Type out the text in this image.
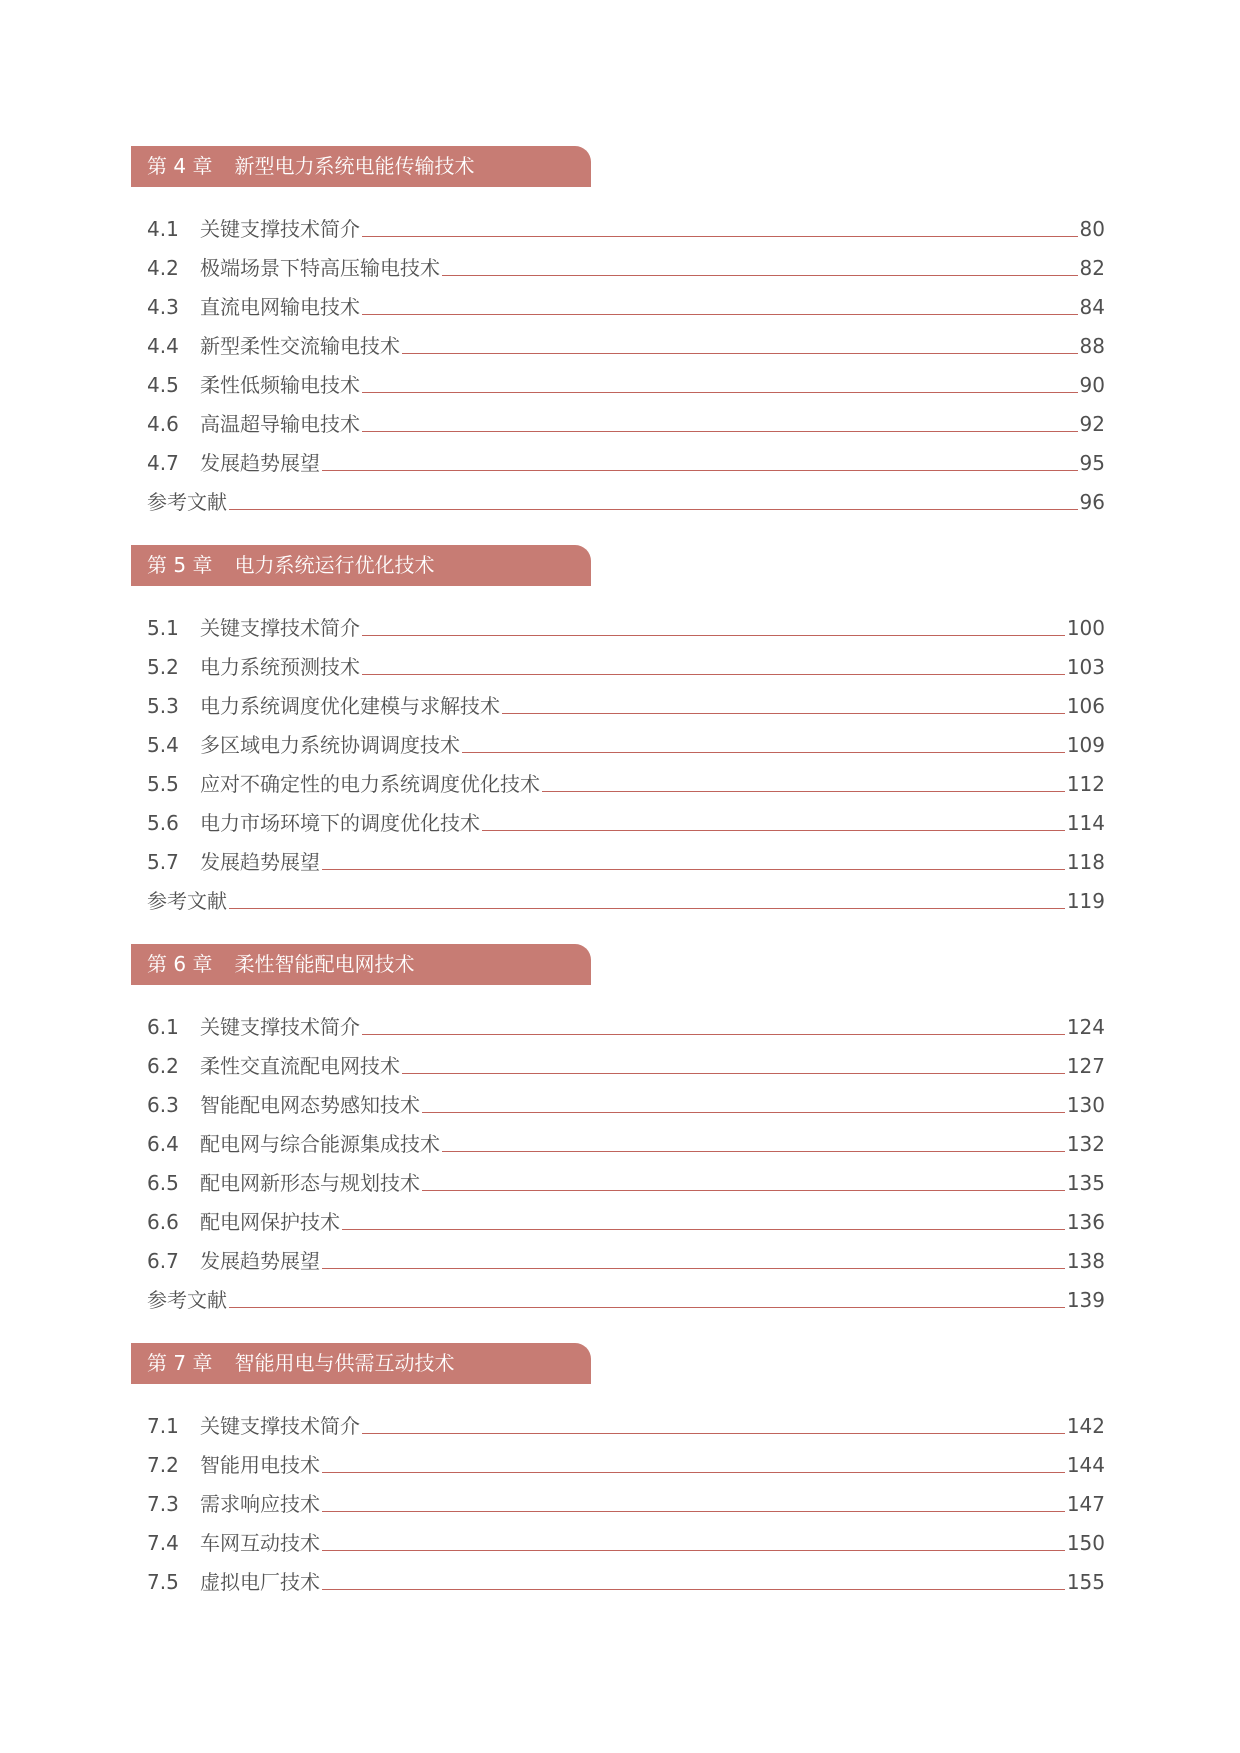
第 4 章 新型电力系统电能传输技术
4.1	关键支撑技术简介	80
4.2	极端场景下特高压输电技术	82
4.3	直流电网输电技术	84
4.4	新型柔性交流输电技术	88
4.5	柔性低频输电技术	90
4.6	高温超导输电技术	92
4.7	发展趋势展望	95
参考文献	96
第 5 章 电力系统运行优化技术
5.1	关键支撑技术简介	100
5.2	电力系统预测技术	103
5.3	电力系统调度优化建模与求解技术	106
5.4	多区域电力系统协调调度技术	109
5.5	应对不确定性的电力系统调度优化技术	112
5.6	电力市场环境下的调度优化技术	114
5.7	发展趋势展望	118
参考文献	119
第 6 章 柔性智能配电网技术
6.1	关键支撑技术简介	124
6.2	柔性交直流配电网技术	127
6.3	智能配电网态势感知技术	130
6.4	配电网与综合能源集成技术	132
6.5	配电网新形态与规划技术	135
6.6	配电网保护技术	136
6.7	发展趋势展望	138
参考文献	139
第 7 章 智能用电与供需互动技术
7.1	关键支撑技术简介	142
7.2	智能用电技术	144
7.3	需求响应技术	147
7.4	车网互动技术	150
7.5	虚拟电厂技术	155
